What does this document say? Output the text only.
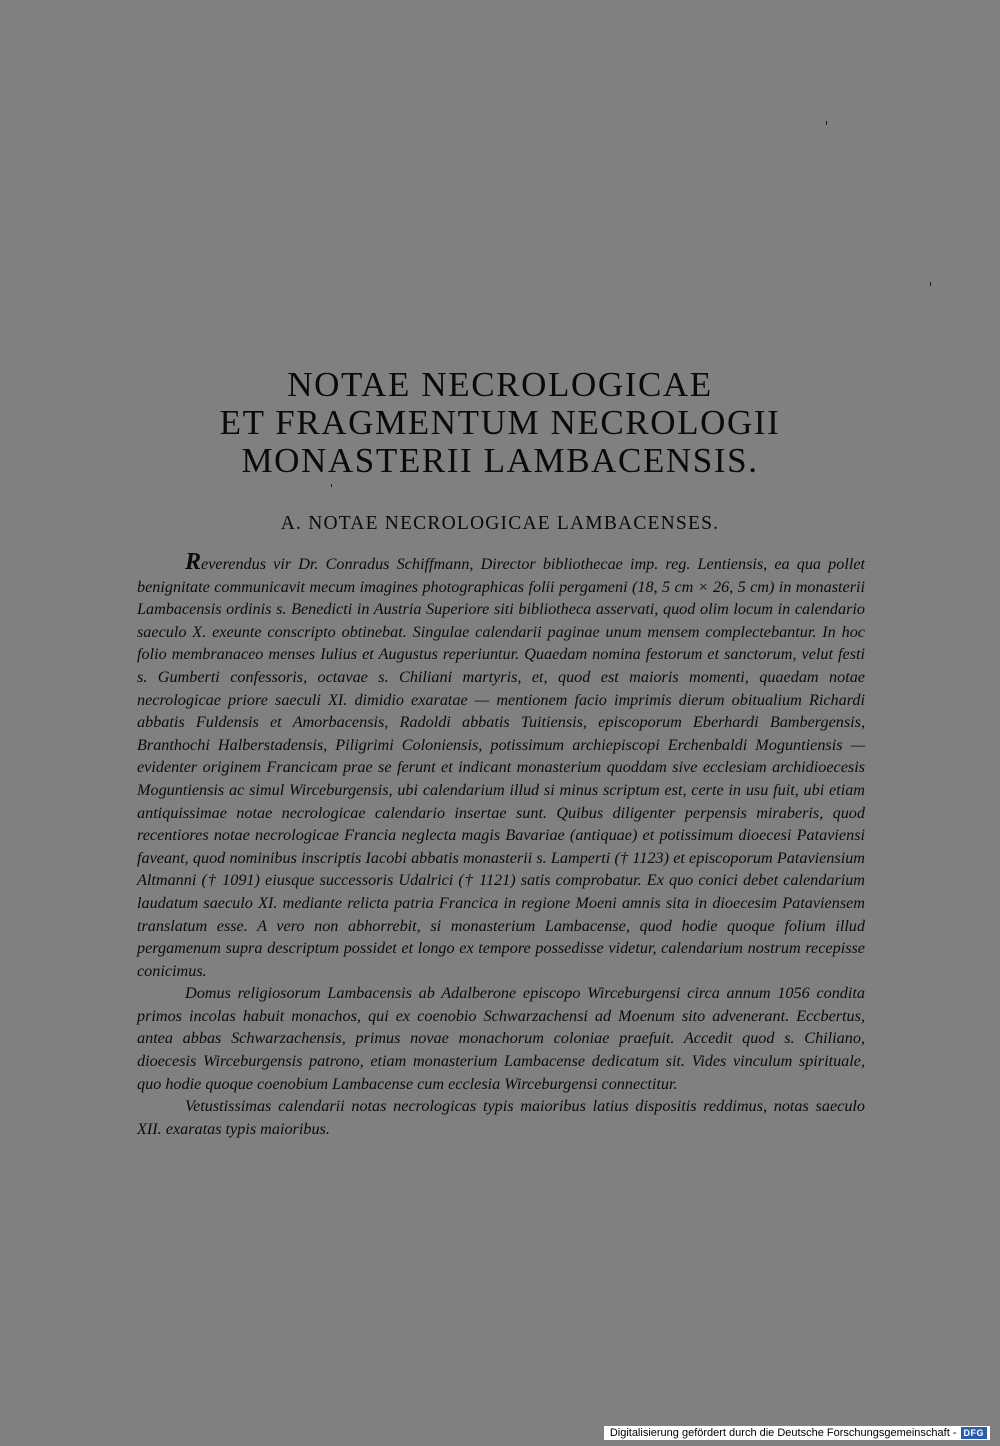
NOTAE NECROLOGICAE
ET FRAGMENTUM NECROLOGII
MONASTERII LAMBACENSIS.
A. NOTAE NECROLOGICAE LAMBACENSES.

Reverendus vir Dr. Conradus Schiffmann, Director bibliothecae imp. reg. Lentiensis, ea qua pollet benignitate communicavit mecum imagines photographicas folii pergameni (18, 5 cm × 26, 5 cm) in monasterii Lambacensis ordinis s. Benedicti in Austria Superiore siti bibliotheca asservati, quod olim locum in calendario saeculo X. exeunte conscripto obtinebat. Singulae calendarii paginae unum mensem complectebantur. In hoc folio membranaceo menses Iulius et Augustus reperiuntur. Quaedam nomina festorum et sanctorum, velut festi s. Gumberti confessoris, octavae s. Chiliani martyris, et, quod est maioris momenti, quaedam notae necrologicae priore saeculi XI. dimidio exaratae — mentionem facio imprimis dierum obitualium Richardi abbatis Fuldensis et Amorbacensis, Radoldi abbatis Tuitiensis, episcoporum Eberhardi Bambergensis, Branthochi Halberstadensis, Piligrimi Coloniensis, potissimum archiepiscopi Erchenbaldi Moguntiensis — evidenter originem Francicam prae se ferunt et indicant monasterium quoddam sive ecclesiam archidioecesis Moguntiensis ac simul Wirceburgensis, ubi calendarium illud si minus scriptum est, certe in usu fuit, ubi etiam antiquissimae notae necrologicae calendario insertae sunt. Quibus diligenter perpensis miraberis, quod recentiores notae necrologicae Francia neglecta magis Bavariae (antiquae) et potissimum dioecesi Pataviensi faveant, quod nominibus inscriptis Iacobi abbatis monasterii s. Lamperti († 1123) et episcoporum Pataviensium Altmanni († 1091) eiusque successoris Udalrici († 1121) satis comprobatur. Ex quo conici debet calendarium laudatum saeculo XI. mediante relicta patria Francica in regione Moeni amnis sita in dioecesim Pataviensem translatum esse. A vero non abhorrebit, si monasterium Lambacense, quod hodie quoque folium illud pergamenum supra descriptum possidet et longo ex tempore possedisse videtur, calendarium nostrum recepisse conicimus.

Domus religiosorum Lambacensis ab Adalberone episcopo Wirceburgensi circa annum 1056 condita primos incolas habuit monachos, qui ex coenobio Schwarzachensi ad Moenum sito advenerant. Eccbertus, antea abbas Schwarzachensis, primus novae monachorum coloniae praefuit. Accedit quod s. Chiliano, dioecesis Wirceburgensis patrono, etiam monasterium Lambacense dedicatum sit. Vides vinculum spirituale, quo hodie quoque coenobium Lambacense cum ecclesia Wirceburgensi connectitur.

Vetustissimas calendarii notas necrologicas typis maioribus latius dispositis reddimus, notas saeculo XII. exaratas typis maioribus.

Digitalisierung gefördert durch die Deutsche Forschungsgemeinschaft - DFG
